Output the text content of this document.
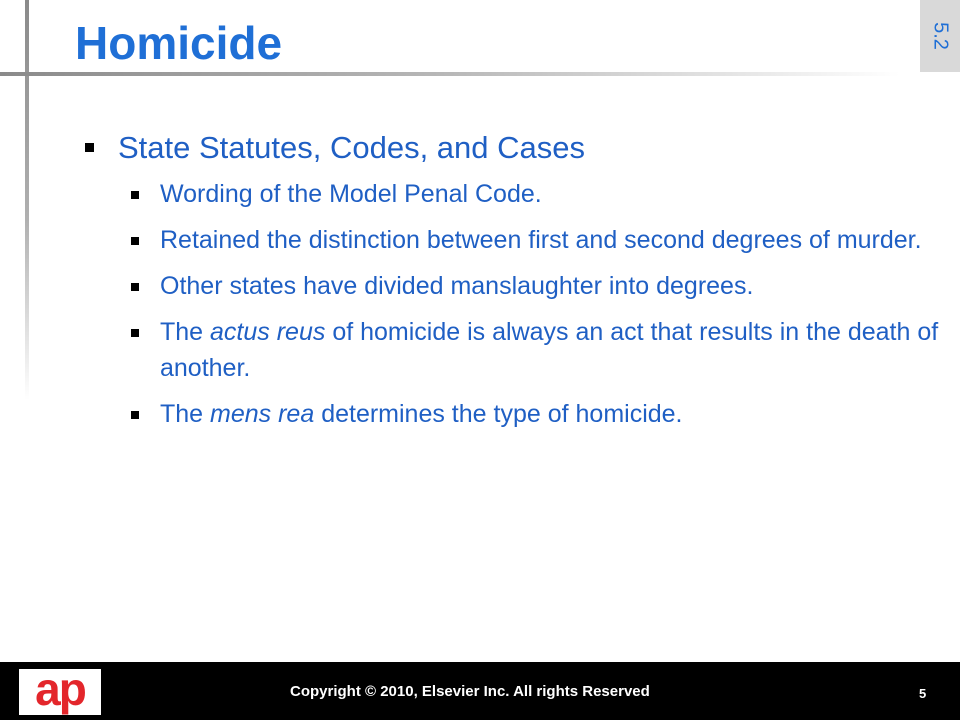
Homicide	5.2
State Statutes, Codes, and Cases
Wording of the Model Penal Code.
Retained the distinction between first and second degrees of murder.
Other states have divided manslaughter into degrees.
The actus reus of homicide is always an act that results in the death of another.
The mens rea determines the type of homicide.
ap	Copyright © 2010, Elsevier Inc. All rights Reserved	5
